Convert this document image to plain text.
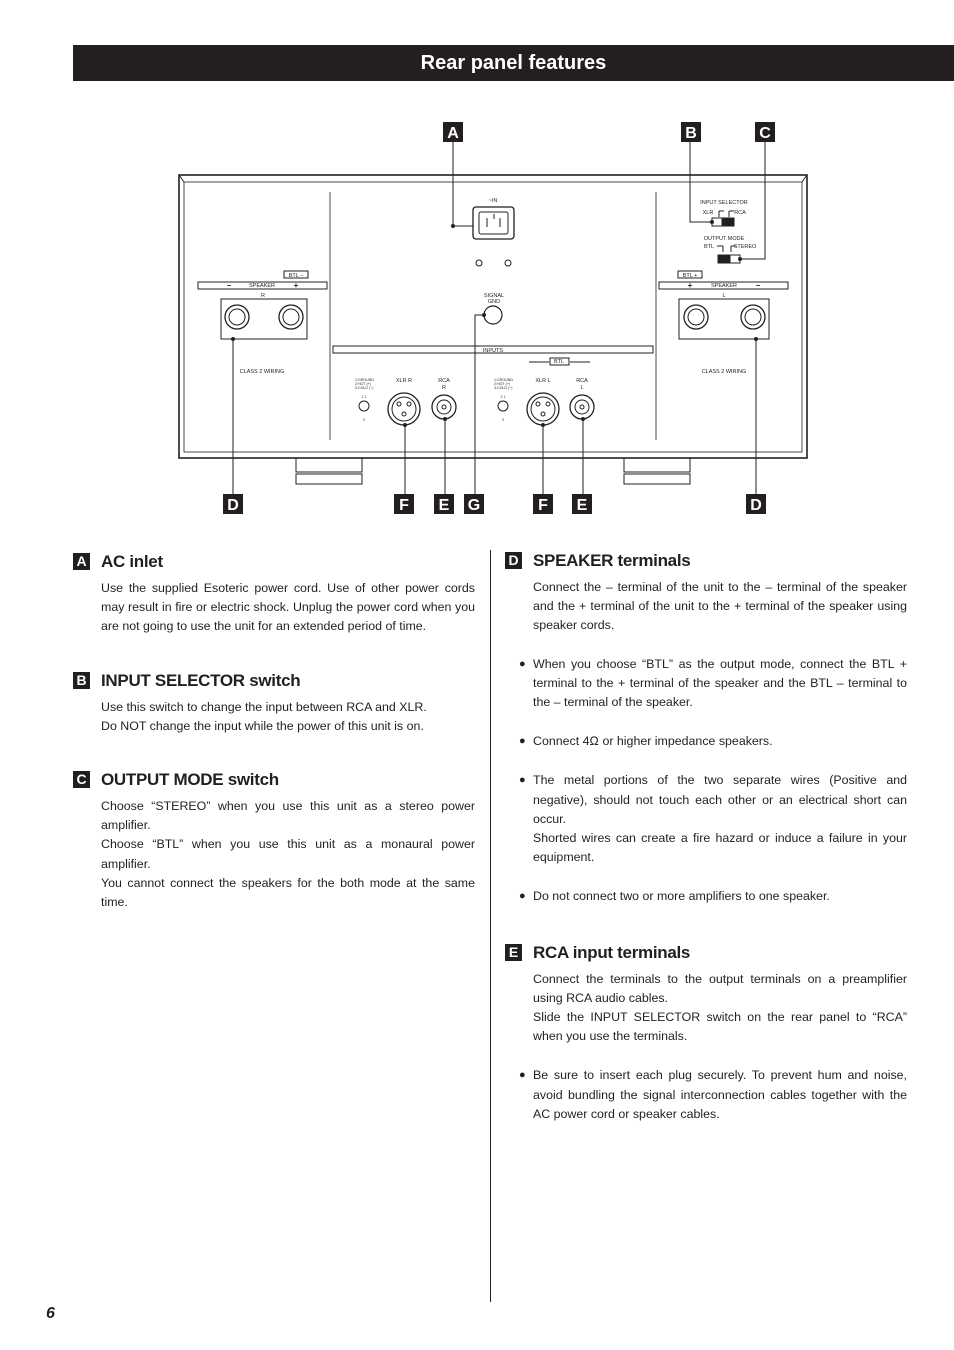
Rear panel features
A	B	C
D	F E G	F E	D
~IN	INPUT SELECTOR
XLR	RCA
OUTPUT MODE
BTL	STEREO
BTL −	BTL +
SPEAKER	SPEAKER
R	L
SIGNAL
GND
INPUTS
BTL
CLASS 2 WIRING	CLASS 2 WIRING
XLR R	RCA
R
XLR L	RCA
L
1:GROUND
2:HOT (+)
3:COLD (−)
1:GROUND
2:HOT (+)
3:COLD (−)
2 1
3
2 1
3
−	+	+	−
A AC inlet

Use the supplied Esoteric power cord. Use of other power cords may result in fire or electric shock. Unplug the power cord when you are not going to use the unit for an extended period of time.

B INPUT SELECTOR switch

Use this switch to change the input between RCA and XLR.

Do NOT change the input while the power of this unit is on.

C OUTPUT MODE switch

Choose “STEREO” when you use this unit as a stereo power amplifier.

Choose “BTL” when you use this unit as a monaural power amplifier.

You cannot connect the speakers for the both mode at the same time.

D SPEAKER terminals

Connect the – terminal of the unit to the – terminal of the speaker and the + terminal of the unit to the + terminal of the speaker using speaker cords.

● When you choose “BTL” as the output mode, connect the BTL + terminal to the + terminal of the speaker and the BTL – terminal to the – terminal of the speaker.
● Connect 4Ω or higher impedance speakers.
● The metal portions of the two separate wires (Positive and negative), should not touch each other or an electrical short can occur.
Shorted wires can create a fire hazard or induce a failure in your equipment.
● Do not connect two or more amplifiers to one speaker.
E RCA input terminals

Connect the terminals to the output terminals on a preamplifier using RCA audio cables.

Slide the INPUT SELECTOR switch on the rear panel to “RCA” when you use the terminals.

● Be sure to insert each plug securely. To prevent hum and noise, avoid bundling the signal interconnection cables together with the AC power cord or speaker cables.
6
